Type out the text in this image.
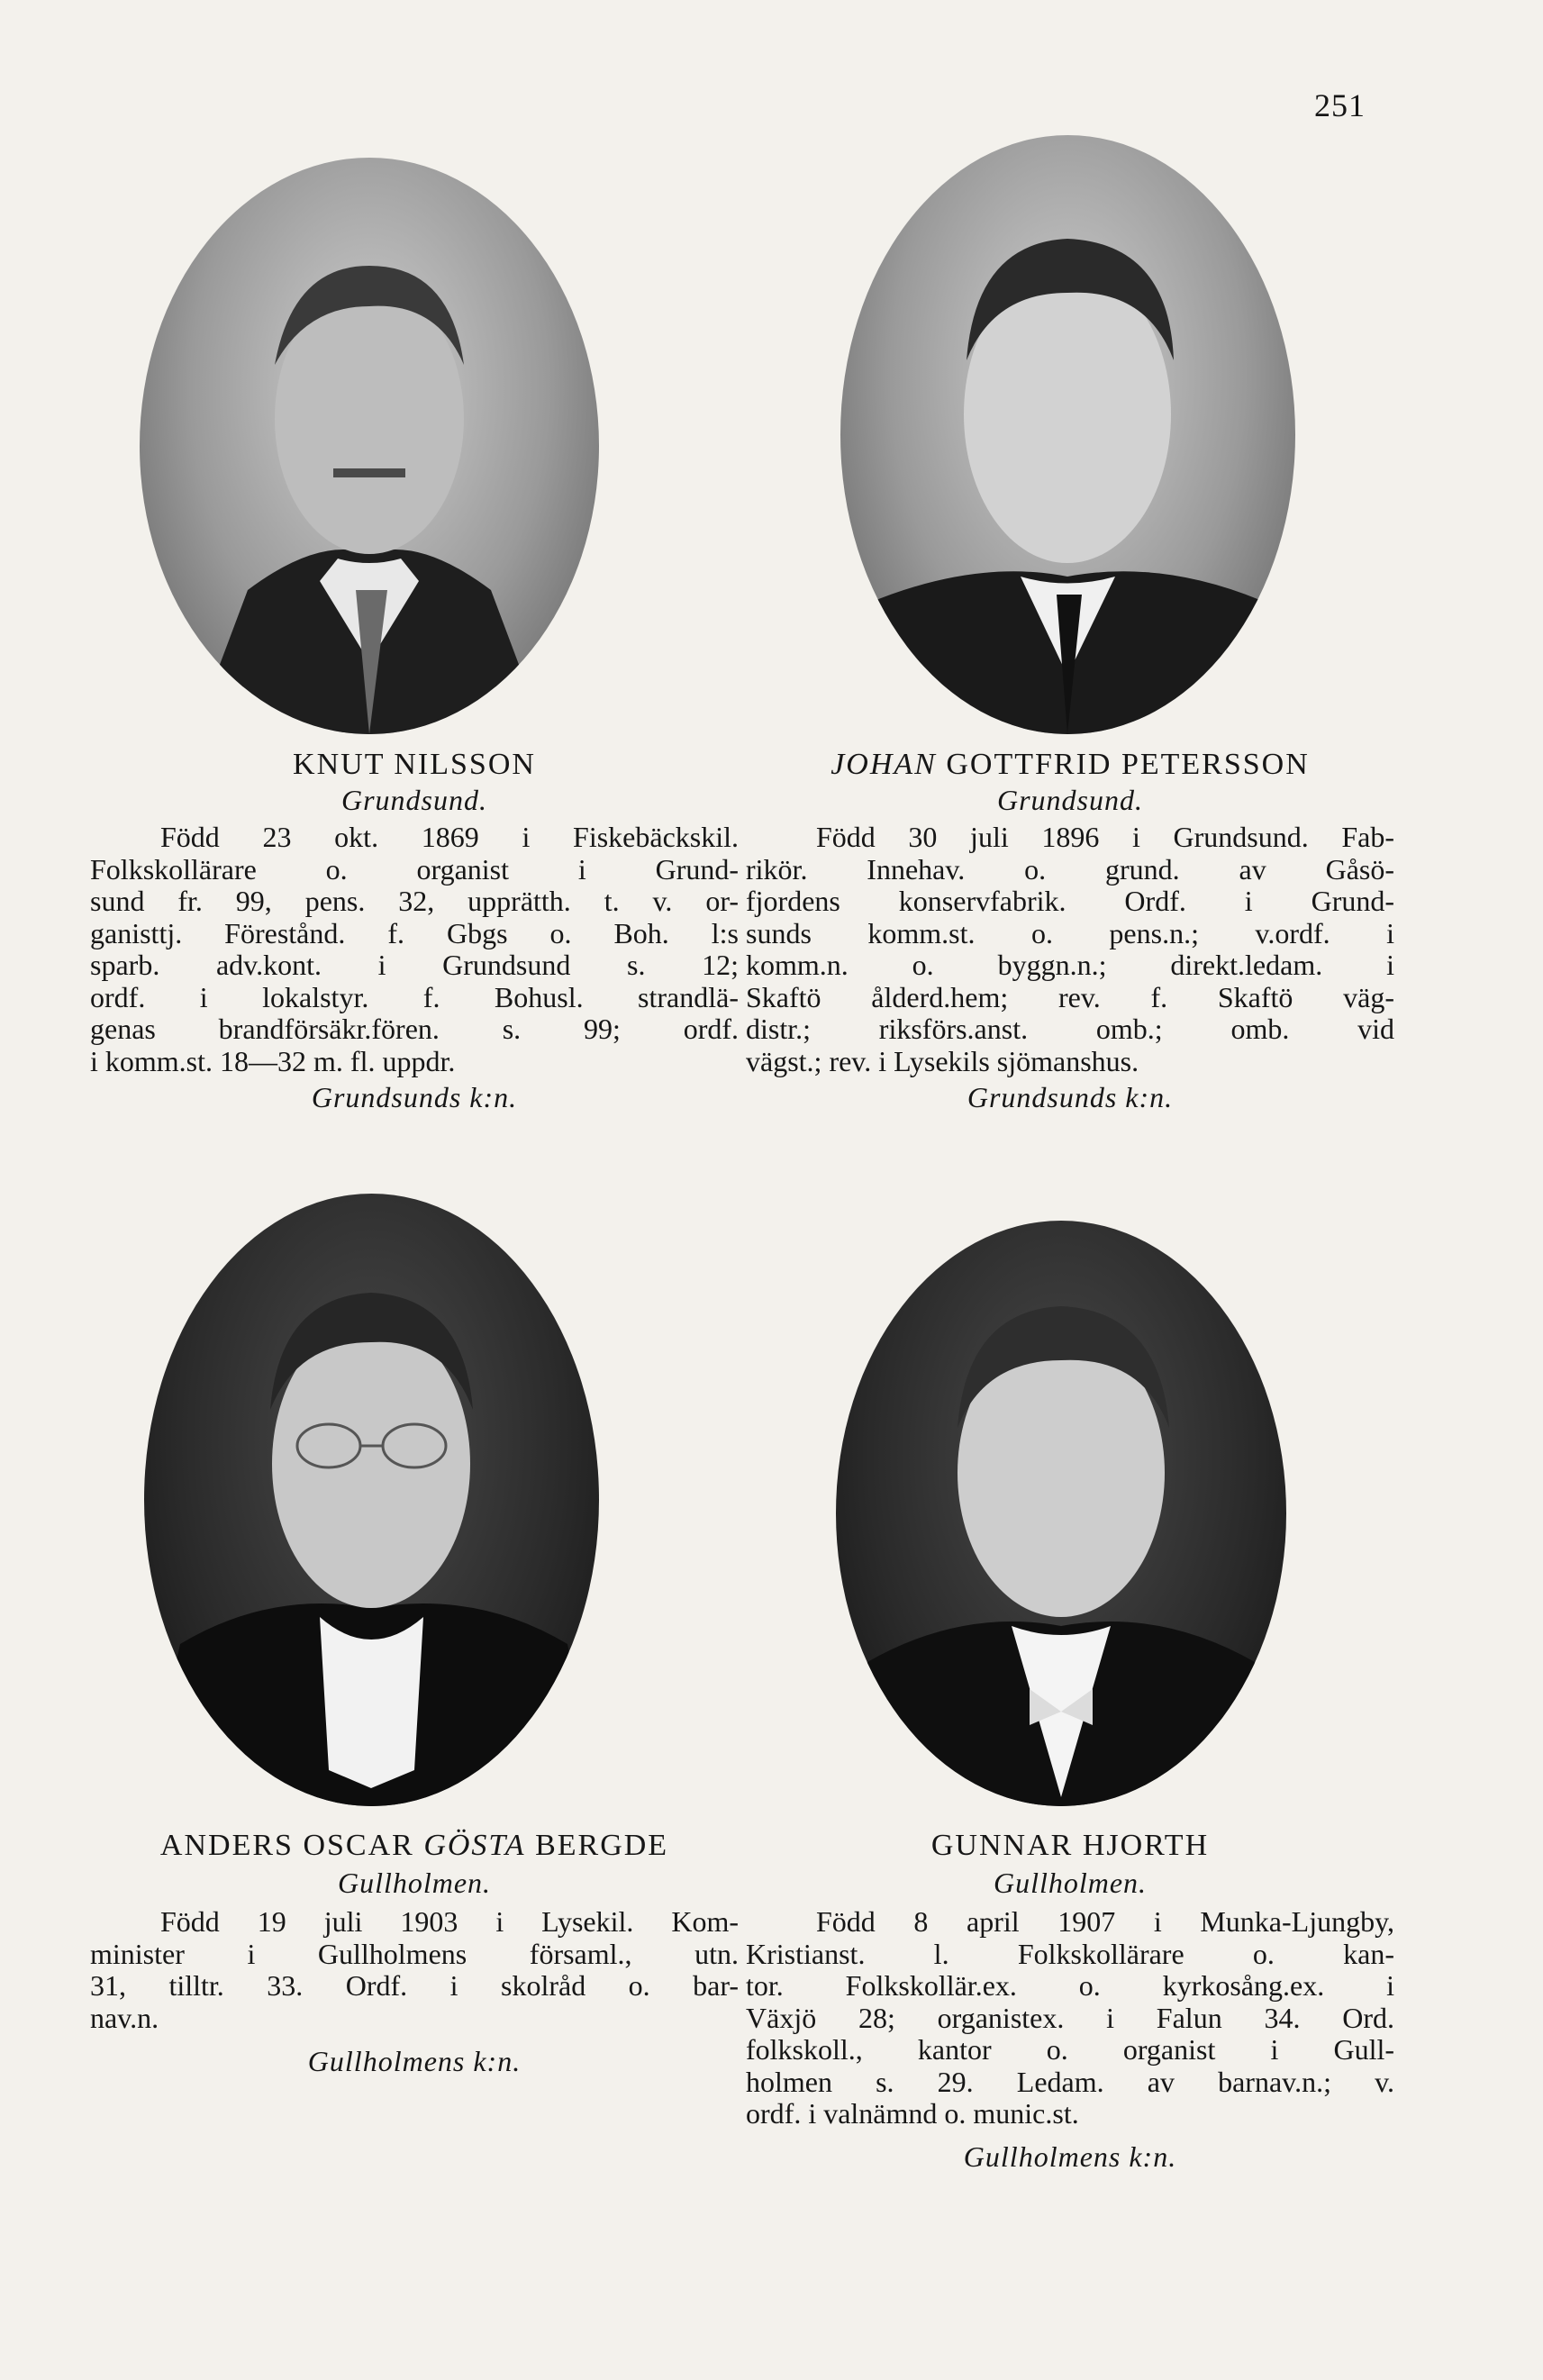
251
KNUT NILSSON
Grundsund.
Född 23 okt. 1869 i Fiskebäckskil.
Folkskollärare o. organist i Grund-
sund fr. 99, pens. 32, upprätth. t. v. or-
ganisttj. Förestånd. f. Gbgs o. Boh. l:s
sparb. adv.kont. i Grundsund s. 12;
ordf. i lokalstyr. f. Bohusl. strandlä-
genas brandförsäkr.fören. s. 99; ordf.
i komm.st. 18—32 m. fl. uppdr.
Grundsunds k:n.
JOHAN GOTTFRID PETERSSON
Grundsund.
Född 30 juli 1896 i Grundsund. Fab-
rikör. Innehav. o. grund. av Gåsö-
fjordens konservfabrik. Ordf. i Grund-
sunds komm.st. o. pens.n.; v.ordf. i
komm.n. o. byggn.n.; direkt.ledam. i
Skaftö ålderd.hem; rev. f. Skaftö väg-
distr.; riksförs.anst. omb.; omb. vid
vägst.; rev. i Lysekils sjömanshus.
Grundsunds k:n.
ANDERS OSCAR GÖSTA BERGDE
Gullholmen.
Född 19 juli 1903 i Lysekil. Kom-
minister i Gullholmens församl., utn.
31, tilltr. 33. Ordf. i skolråd o. bar-
nav.n.
Gullholmens k:n.
GUNNAR HJORTH
Gullholmen.
Född 8 april 1907 i Munka-Ljungby,
Kristianst. l. Folkskollärare o. kan-
tor. Folkskollär.ex. o. kyrkosång.ex. i
Växjö 28; organistex. i Falun 34. Ord.
folkskoll., kantor o. organist i Gull-
holmen s. 29. Ledam. av barnav.n.; v.
ordf. i valnämnd o. munic.st.
Gullholmens k:n.
